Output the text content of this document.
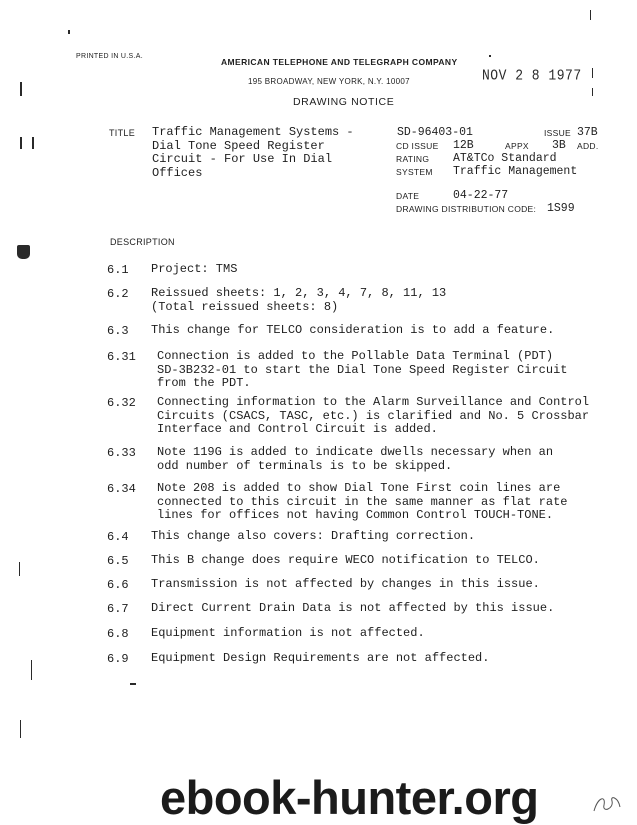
PRINTED IN U.S.A.
AMERICAN TELEPHONE AND TELEGRAPH COMPANY
195 BROADWAY, NEW YORK, N.Y. 10007	NOV 2 8 1977
DRAWING NOTICE
TITLE Traffic Management Systems -
Dial Tone Speed Register
Circuit - For Use In Dial
Offices
SD-96403-01	ISSUE 37B
CD ISSUE 12B	APPX 3B ADD.
RATING AT&TCo Standard
SYSTEM Traffic Management
DATE	04-22-77
DRAWING DISTRIBUTION CODE: 1S99
DESCRIPTION
6.1 Project: TMS
6.2 Reissued sheets: 1, 2, 3, 4, 7, 8, 11, 13
(Total reissued sheets: 8)
6.3 This change for TELCO consideration is to add a feature.
6.31 Connection is added to the Pollable Data Terminal (PDT)
SD-3B232-01 to start the Dial Tone Speed Register Circuit
from the PDT.
6.32 Connecting information to the Alarm Surveillance and Control
Circuits (CSACS, TASC, etc.) is clarified and No. 5 Crossbar
Interface and Control Circuit is added.
6.33 Note 119G is added to indicate dwells necessary when an
odd number of terminals is to be skipped.
6.34 Note 208 is added to show Dial Tone First coin lines are
connected to this circuit in the same manner as flat rate
lines for offices not having Common Control TOUCH-TONE.
6.4 This change also covers: Drafting correction.
6.5 This B change does require WECO notification to TELCO.
6.6 Transmission is not affected by changes in this issue.
6.7 Direct Current Drain Data is not affected by this issue.
6.8 Equipment information is not affected.
6.9 Equipment Design Requirements are not affected.
ebook-hunter.org
